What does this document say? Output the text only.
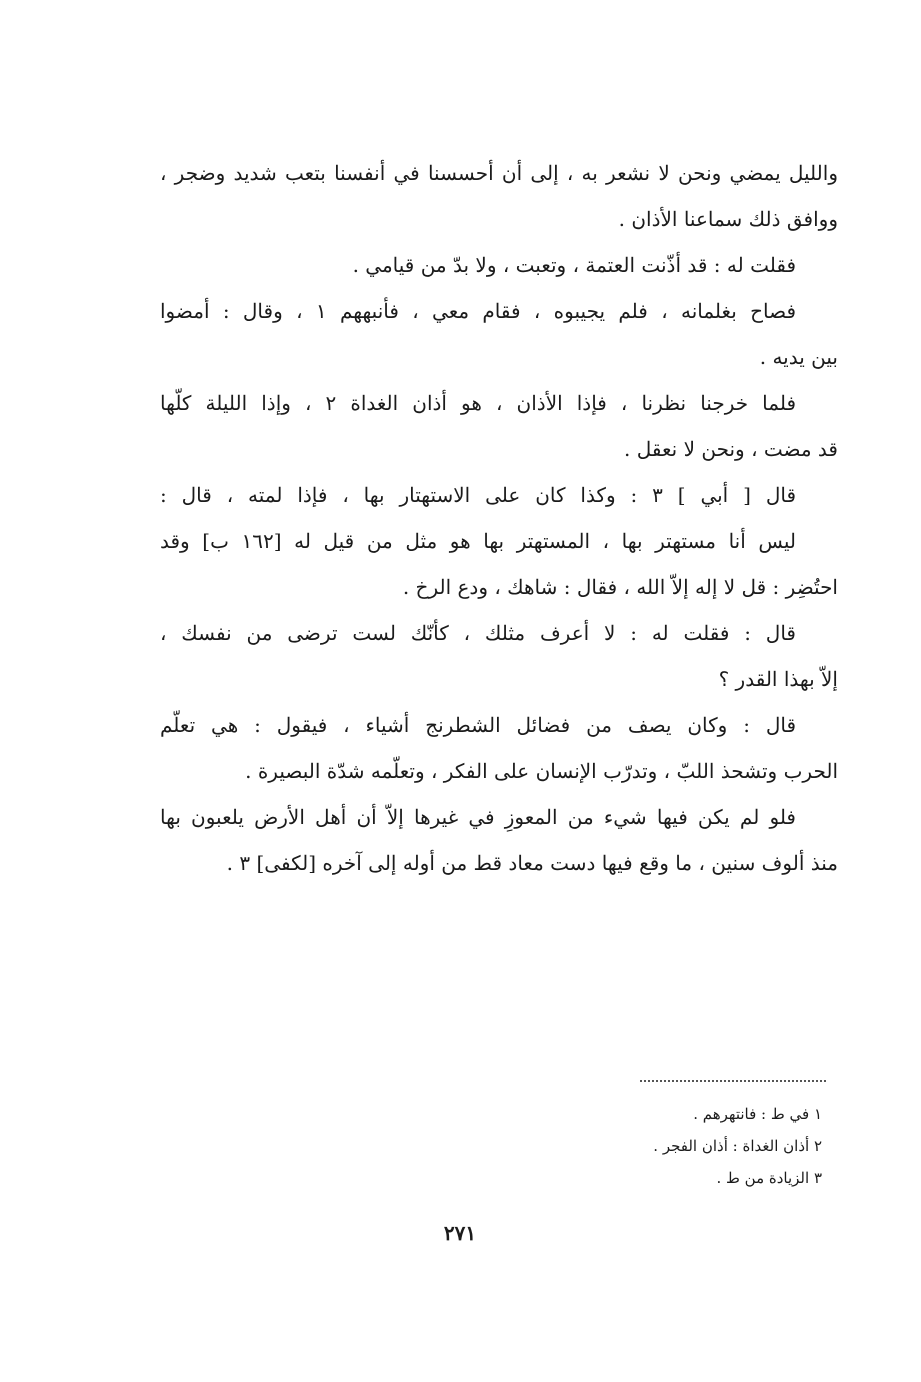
والليل يمضي ونحن لا نشعر به ، إلى أن أحسسنا في أنفسنا بتعب شديد وضجر ،
ووافق ذلك سماعنا الأذان .
فقلت له : قد أذّنت العتمة ، وتعبت ، ولا بدّ من قيامي .
فصاح بغلمانه ، فلم يجيبوه ، فقام معي ، فأنبههم ١ ، وقال : أمضوا
بين يديه .
فلما خرجنا نظرنا ، فإذا الأذان ، هو أذان الغداة ٢ ، وإذا الليلة كلّها
قد مضت ، ونحن لا نعقل .
قال [ أبي ] ٣ : وكذا كان على الاستهتار بها ، فإذا لمته ، قال :
ليس أنا مستهتر بها ، المستهتر بها هو مثل من قيل له [١٦٢ ب] وقد
احتُضِر : قل لا إله إلاّ الله ، فقال : شاهك ، ودع الرخ .
قال : فقلت له : لا أعرف مثلك ، كأنّك لست ترضى من نفسك ،
إلاّ بهذا القدر ؟
قال : وكان يصف من فضائل الشطرنج أشياء ، فيقول : هي تعلّم
الحرب وتشحذ اللبّ ، وتدرّب الإنسان على الفكر ، وتعلّمه شدّة البصيرة .
فلو لم يكن فيها شيء من المعوزِ في غيرها إلاّ أن أهل الأرض يلعبون بها
منذ ألوف سنين ، ما وقع فيها دست معاد قط من أوله إلى آخره [لكفى] ٣ .
١ في ط : فانتهرهم .
٢ أذان الغداة : أذان الفجر .
٣ الزيادة من ط .
٢٧١
